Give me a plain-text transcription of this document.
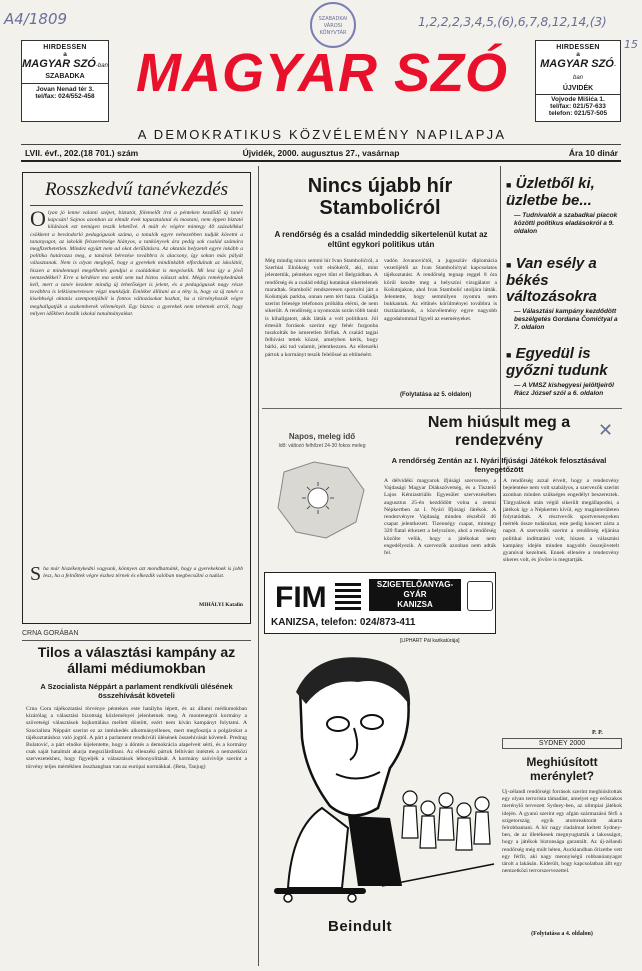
A4/1809	1,2,2,2,3,4,5,(6),6,7,8,12,14,(3)
15
SZABADKAI VÁROSI KÖNYVTÁR
HIRDESSEN
a
MAGYAR SZÓ-ban
SZABADKA
Jovan Nenad tér 3.
tel/fax: 024/552-458
HIRDESSEN
a
MAGYAR SZÓ-ban
ÚJVIDÉK
Vojvode Mišića 1.
tel/fax: 021/57-633
telefon: 021/57-505
MAGYAR SZÓ
A DEMOKRATIKUS KÖZVÉLEMÉNY NAPILAPJA
LVII. évf., 202.(18 701.) szám	Újvidék, 2000. augusztus 27., vasárnap	Ára 10 dinár
Rosszkedvű tanévkezdés
O lyan jó lenne valami szépet, biztatót, fölemelőt írni a pénteken kezdődő új tanév kapcsán! Sajnos azonban az elmúlt évek tapasztalatai és mostani, nem éppen biztató kilátások ezt nemigen teszik lehetővé. A múlt év végére mintegy 40 százalékkal csökkent a bevándorló pedagógusok száma, a tanulók egyre nehezebben tudják követni a tananyagot, az iskolák felszereltsége hiányos, a tankönyvek ára pedig sok család számára megfizethetetlen. Mindez együtt nem ad okot derűlátásra. Az oktatás helyzetét egyre inkább a politika határozza meg, a tanárok bérezése továbbra is alacsony, így sokan más pályát választanak. Nem is olyan meglepő, hogy a gyerekek mindinkább elfordulnak az iskolától, hiszen a mindennapi megélhetés gondjai a családokat is megviselik. Mi lesz így a jövő nemzedékkel? Erre a kérdésre ma senki sem tud biztos választ adni. Mégis reménykednünk kell, mert a tanév kezdete mindig új lehetőséget is jelent, és a pedagógusok nagy része továbbra is lelkiismeretesen végzi munkáját. Emléket állítani az a tény is, hogy az új tanév a kisebbségi oktatás szempontjából is fontos változásokat hozhat, ha a törvényhozók végre meghallgatják a szakemberek véleményét. Egy biztos: a gyerekek nem tehetnek arról, hogy milyen időkben kezdik iskolai tanulmányaikat.
S ha már hiszékenykedni vagyunk, könnyen azt mondhatnánk, hogy a gyerekeknek is jobb lesz, ha a felnőttek végre észhez térnek és elkezdik valóban megbecsülni a tudást.
MIHÁLYI Katalin
Nincs újabb hír Stambolićról
A rendőrség és a család mindeddig sikertelenül kutat az eltűnt egykori politikus után
Még mindig nincs semmi hír Ivan Stambolićról, a Szerbiai Elnökség volt elnökéről, aki, mint jelentettük, pénteken egyet tűnt el Belgrádban. A rendőrség és a család eddigi kutatásai sikertelenek maradtak. Stambolić rendszeresen sportolni járt a Košutnjak parkba, onnan nem tért haza. Családja szerint felesége telefonon próbálta elérni, de nem sikerült. A rendőrség a nyomozás során több tanút is kihallgatott, akik látták a volt politikust. Jól értesült források szerint egy fehér furgonba tuszkolták be ismeretlen férfiak. A család tagjai felhívást tettek közzé, amelyben kérik, hogy bárki, aki tud valamit, jelentkezzen. Az ellenzéki pártok a kormányt teszik felelőssé az eltűnésért.
vadón Jovanovićtól, a jugoszláv diplomácia vezetőjétől az Ivan Stambolićtyal kapcsolatos tájékoztatást. A rendőrség tegnap reggel 8 óra körül kezdte meg a helyszíni vizsgálatot a Košutnjakon, ahol Ivan Stambolić utoljára látták. Jelentette, hogy semmilyen nyomra nem bukkantak. Az eltűnés körülményei továbbra is tisztázatlanok, a közvélemény egyre nagyobb aggodalommal figyeli az eseményeket.
(Folytatása az 5. oldalon)
■ Üzletből ki, üzletbe be...
— Tudnivalók a szabadkai piacok közötti politikus eladásokról a 9. oldalon
■ Van esély a békés változásokra
— Választási kampány kezdődött beszélgetés Gordana Čomićtyal a 7. oldalon
■ Egyedül is győzni tudunk
— A VMSZ kishegyesi jelöltjeiről Rácz József szól a 6. oldalon
✕
Nem hiúsult meg a rendezvény
A rendőrség Zentán az I. Nyári Ifjúsági Játékok felosztásával fenyegetőzött
Napos, meleg idő
Idő: változó felhőzet 24-30 fokos meleg
A délvidéki magyarok ifjúsági szervezete, a Vajdasági Magyar Diákszövetség, és a Tisztelő Lajos Kémiastriális Egyesület szervezésében augusztus 25-én kezdődött volna a zentai Népkertben az I. Nyári Ifjúsági Játékok. A rendezvényre Vajdaság minden részéből 46 csapat jelentkezett. Tizennégy csapat, mintegy 320 fiatal érkezett a helyszínre, ahol a rendőrség közölte velük, hogy a játékokat nem engedélyezik. A szervezők azonban nem adták fel.
A rendőrség azzal érvelt, hogy a rendezvény bejelentése nem volt szabályos, a szervezők szerint azonban minden szükséges engedélyt beszereztek. Tárgyalások után végül sikerült megállapodni, a játékok így a Népkerten kívül, egy magánterületen folytatódtak. A résztvevők sportversenyeken mérték össze tudásukat, este pedig koncert zárta a napot. A szervezők szerint a rendőrség eljárása politikai indíttatású volt, hiszen a választási kampány idején minden nagyobb összejövetelt gyanúval kezelnek. Ennek ellenére a rendezvény sikeres volt, és jövőre is megtartják.
P. P.
FIM	SZIGETELŐANYAG-
GYÁR
KANIZSA
KANIZSA, telefon: 024/873-411
CRNA GORÁBAN
Tilos a választási kampány az állami médiumokban
A Szocialista Néppárt a parlament rendkívüli ülésének összehívását követeli
Crna Gora tájékoztatási törvénye pénteken este hatályba lépett, és az állami médiumokban kizárólag a választási bizottság közleményei jelenhetnek meg. A montenegrói kormány a szövetségi választások bojkottálása mellett döntött, ezért nem kíván kampányt folytatni. A Szocialista Néppárt szerint ez az intézkedés alkotmányellenes, mert megfosztja a polgárokat a tájékoztatáshoz való jogtól. A párt a parlament rendkívüli ülésének összehívását követeli. Predrag Bulatović, a párt elnöke kijelentette, hogy a döntés a demokrácia alapelveit sérti, és a kormány csak saját hatalmát akarja megszilárdítani. Az ellenzéki pártok felhívást intéztek a nemzetközi szervezetekhez, hogy figyeljék a választások lebonyolítását. A kormány szóvivője szerint a törvény teljes mértékben összhangban van az európai normákkal. (Beta, Tanjug)
[LIPHART Pál karikatúrája]
Beindult
SYDNEY 2000
Meghiúsított merénylet?
Új-zélandi rendőrségi források szerint meghiúsítottak egy olyan terrorista támadást, amelyet egy erőszakos merénylő tervezett Sydney-ben, az olimpiai játékok idején. A gyanú szerint egy afgán származású férfi a szigetország egyik atomreaktorát akarta felrobbantani. A hír nagy riadalmat keltett Sydney-ben, de az illetékesek megnyugtatták a lakosságot, hogy a játékok biztonsága garantált. Az új-zélandi rendőrség még múlt héten, Aucklandban őrizetbe vett egy férfit, aki nagy mennyiségű robbanóanyagot tárolt a lakásán. Kiderült, hogy kapcsolatban állt egy nemzetközi terrorszervezettel.
(Folytatása a 4. oldalon)
